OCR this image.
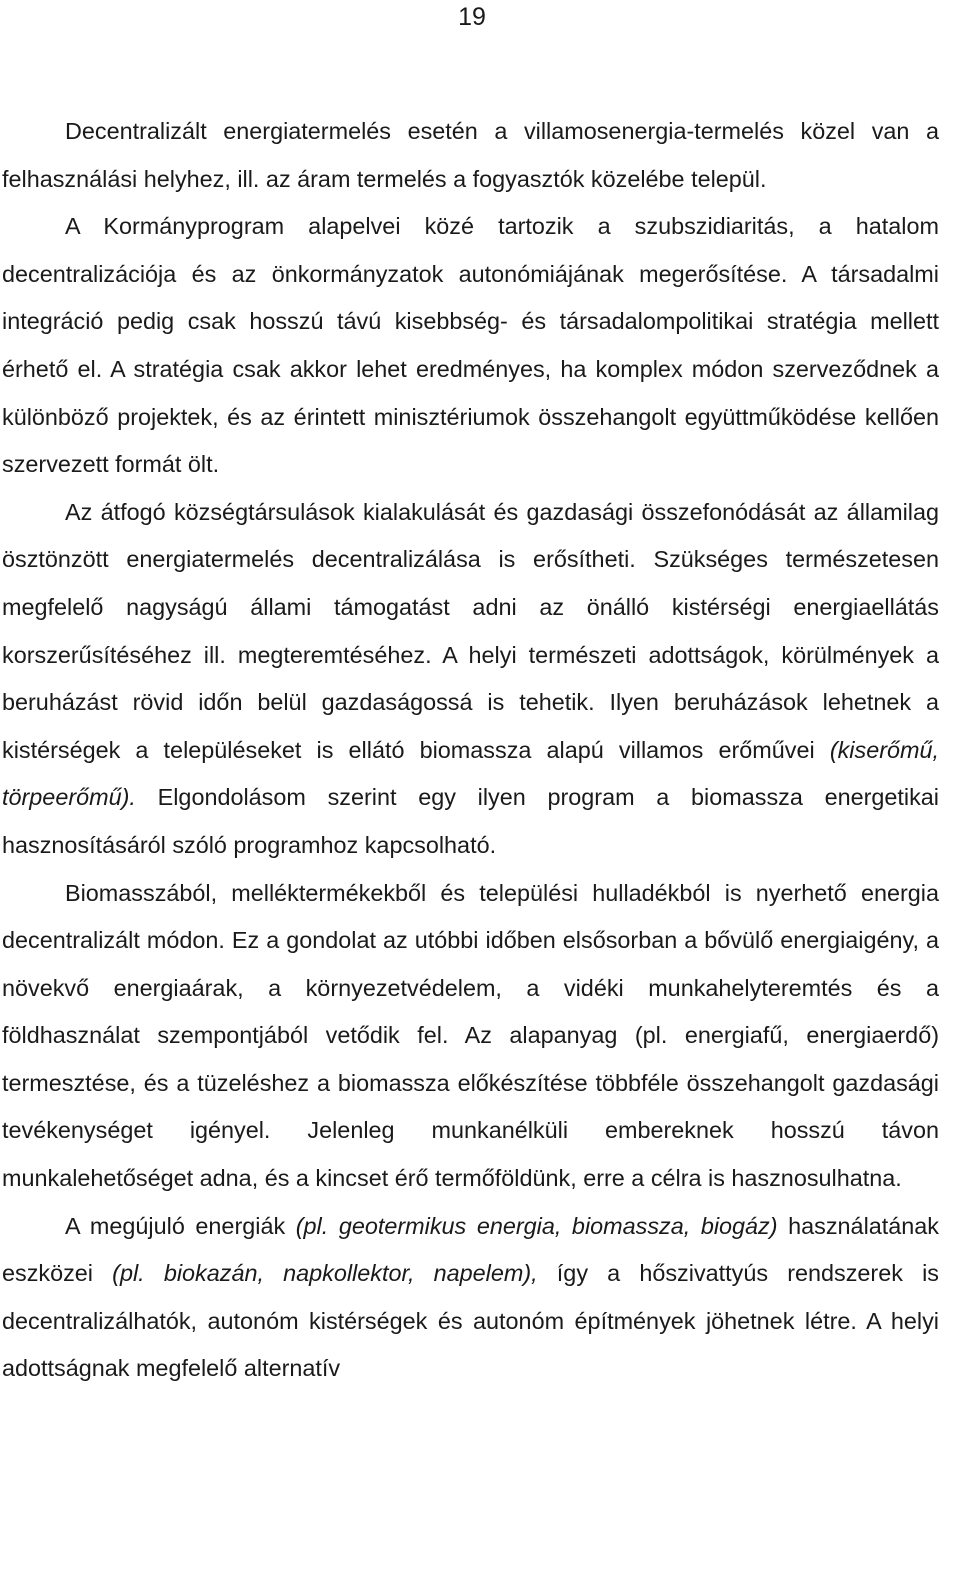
19

Decentralizált energiatermelés esetén a villamosenergia-termelés közel van a felhasználási helyhez, ill. az áram termelés a fogyasztók közelébe települ.

A Kormányprogram alapelvei közé tartozik a szubszidiaritás, a hatalom decentralizációja és az önkormányzatok autonómiájának megerősítése. A társadalmi integráció pedig csak hosszú távú kisebbség- és társadalompolitikai stratégia mellett érhető el. A stratégia csak akkor lehet eredményes, ha komplex módon szerveződnek a különböző projektek, és az érintett minisztériumok összehangolt együttműködése kellően szervezett formát ölt.

Az átfogó községtársulások kialakulását és gazdasági összefonódását az államilag ösztönzött energiatermelés decentralizálása is erősítheti. Szükséges természetesen megfelelő nagyságú állami támogatást adni az önálló kistérségi energiaellátás korszerűsítéséhez ill. megteremtéséhez. A helyi természeti adottságok, körülmények a beruházást rövid időn belül gazdaságossá is tehetik. Ilyen beruházások lehetnek a kistérségek a településeket is ellátó biomassza alapú villamos erőművei (kiserőmű, törpeerőmű). Elgondolásom szerint egy ilyen program a biomassza energetikai hasznosításáról szóló programhoz kapcsolható.

Biomasszából, melléktermékekből és települési hulladékból is nyerhető energia decentralizált módon. Ez a gondolat az utóbbi időben elsősorban a bővülő energiaigény, a növekvő energiaárak, a környezetvédelem, a vidéki munkahelyteremtés és a földhasználat szempontjából vetődik fel. Az alapanyag (pl. energiafű, energiaerdő) termesztése, és a tüzeléshez a biomassza előkészítése többféle összehangolt gazdasági tevékenységet igényel. Jelenleg munkanélküli embereknek hosszú távon munkalehetőséget adna, és a kincset érő termőföldünk, erre a célra is hasznosulhatna.

A megújuló energiák (pl. geotermikus energia, biomassza, biogáz) használatának eszközei (pl. biokazán, napkollektor, napelem), így a hőszivattyús rendszerek is decentralizálhatók, autonóm kistérségek és autonóm építmények jöhetnek létre. A helyi adottságnak megfelelő alternatív
